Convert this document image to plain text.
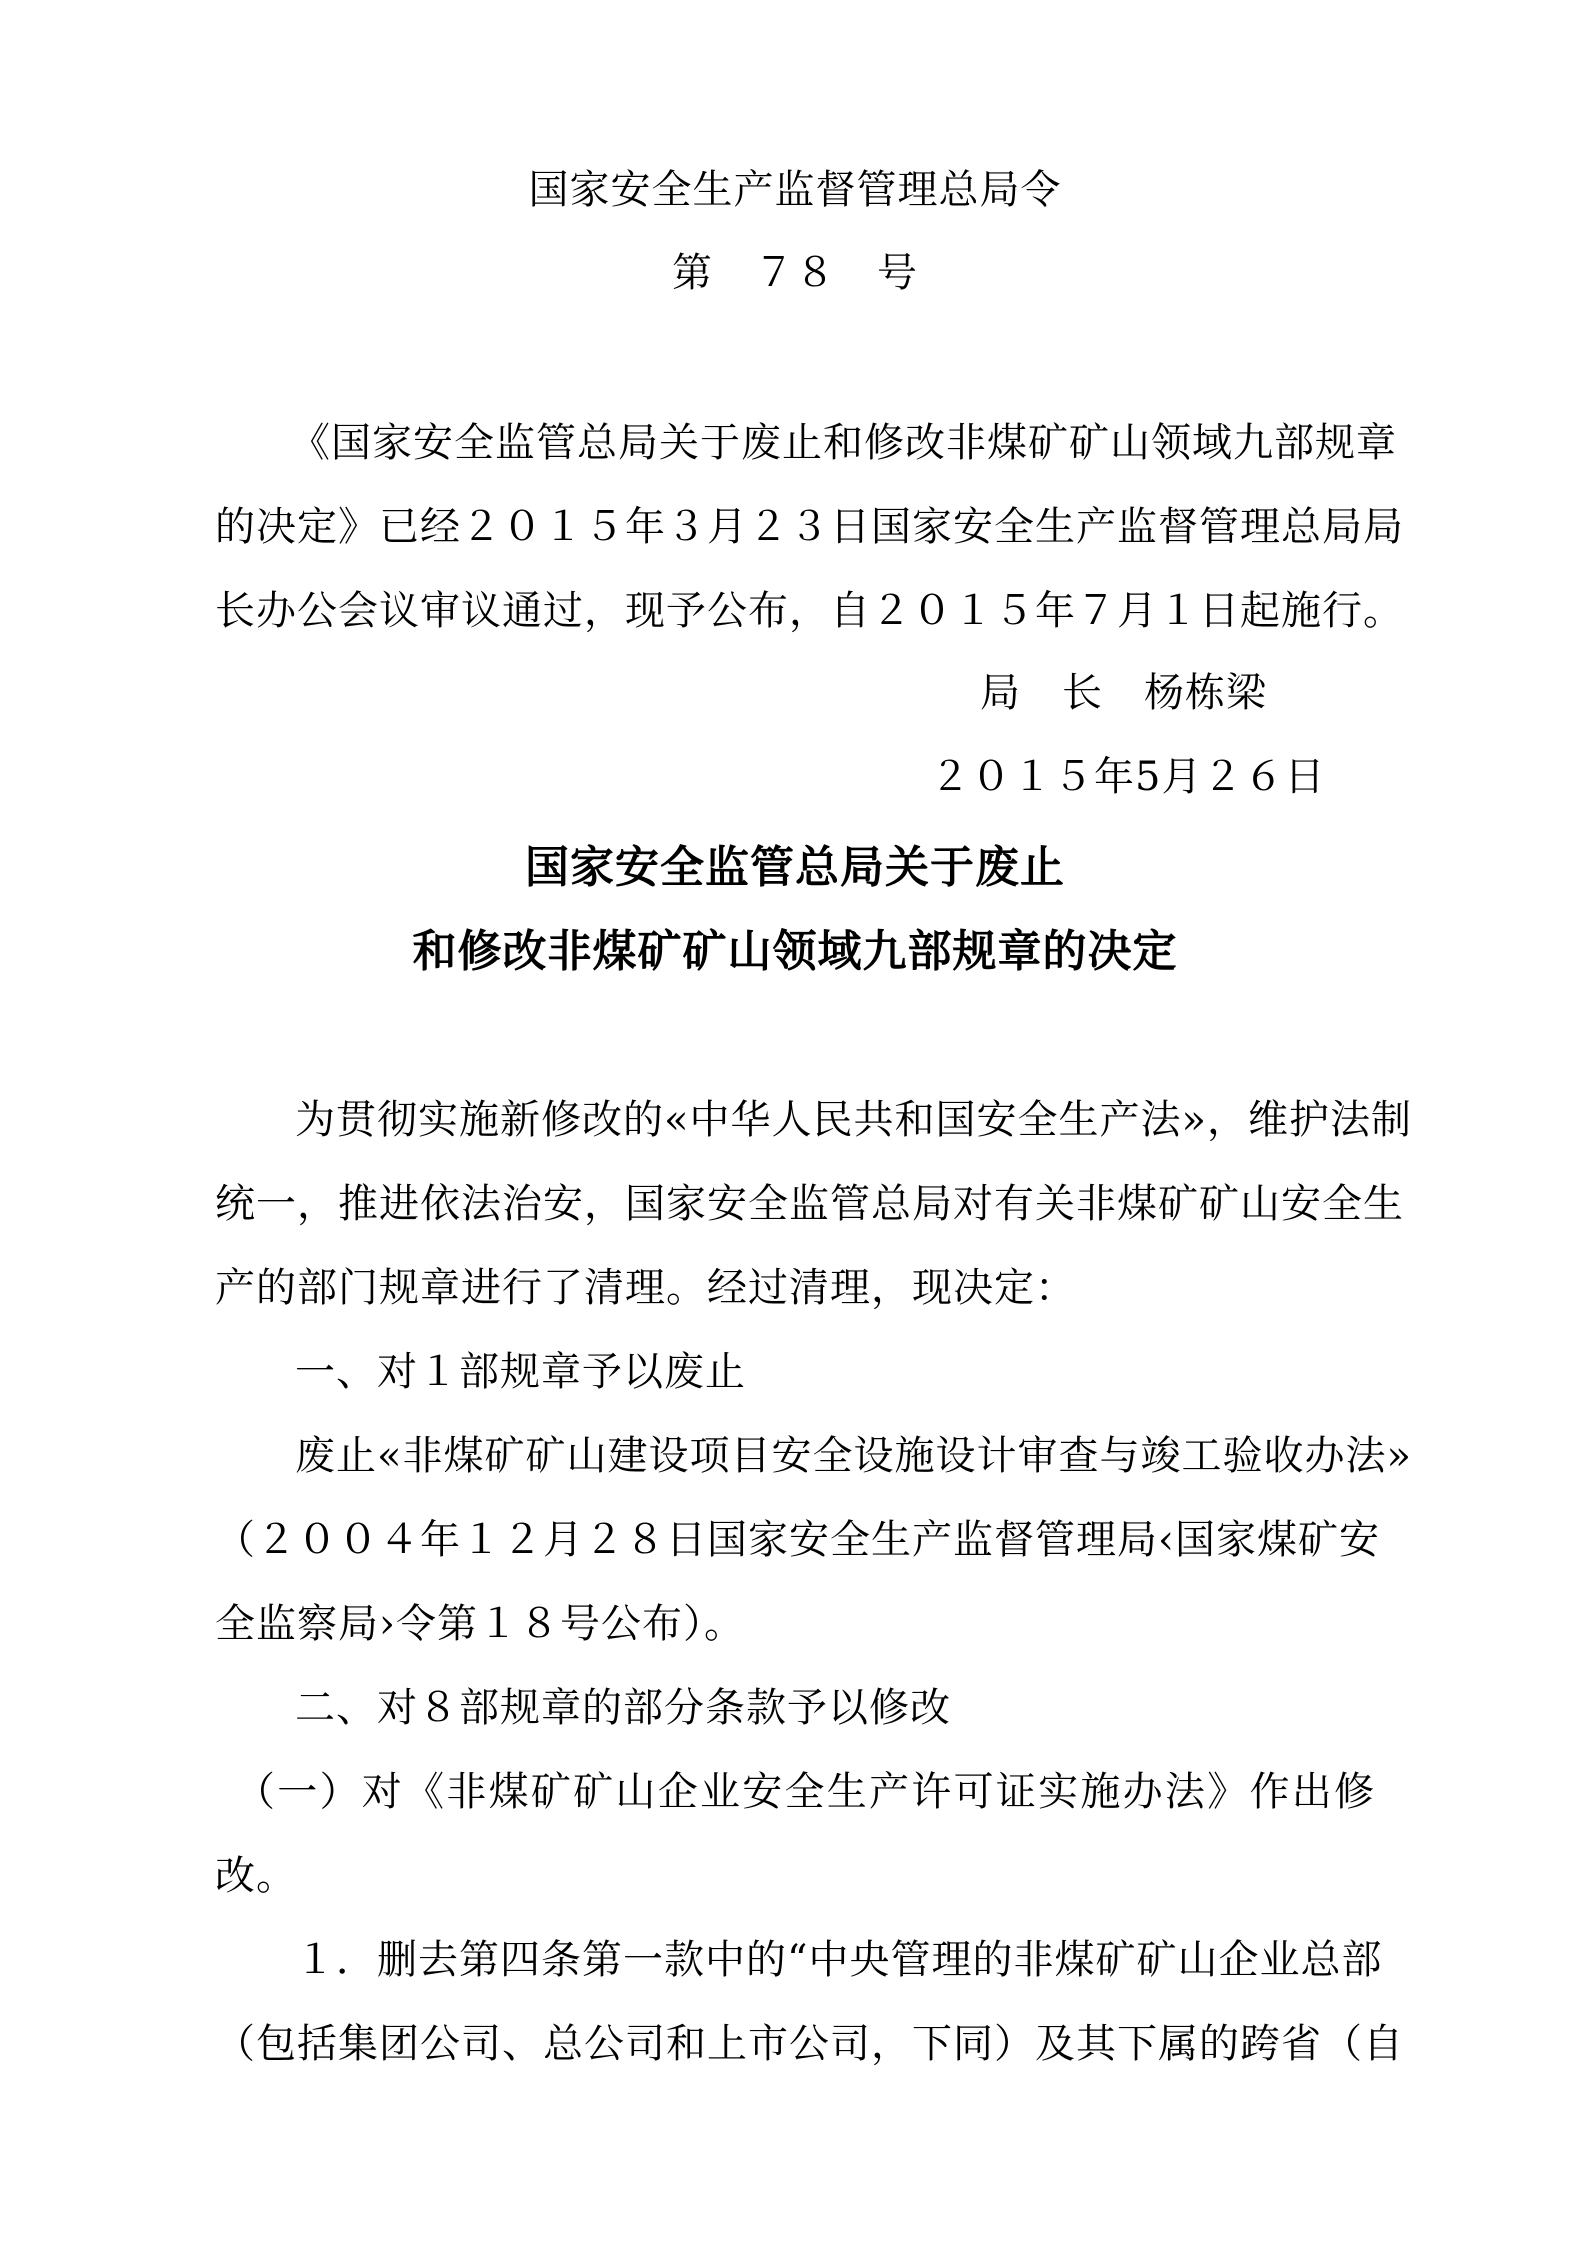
国家安全生产监督管理总局令
第　７８　号
《国家安全监管总局关于废止和修改非煤矿矿山领域九部规章
的决定》已经２０１５年３月２３日国家安全生产监督管理总局局
长办公会议审议通过，现予公布，自２０１５年７月１日起施行。
局　长　杨栋梁
２０１５年5月２６日
国家安全监管总局关于废止
和修改非煤矿矿山领域九部规章的决定
为贯彻实施新修改的«中华人民共和国安全生产法»，维护法制
统一，推进依法治安，国家安全监管总局对有关非煤矿矿山安全生
产的部门规章进行了清理。经过清理，现决定：
一、对１部规章予以废止
废止«非煤矿矿山建设项目安全设施设计审查与竣工验收办法»
（２００４年１２月２８日国家安全生产监督管理局‹国家煤矿安
全监察局›令第１８号公布）。
二、对８部规章的部分条款予以修改
（一）对《非煤矿矿山企业安全生产许可证实施办法》作出修
改。
１．删去第四条第一款中的“中央管理的非煤矿矿山企业总部
（包括集团公司、总公司和上市公司，下同）及其下属的跨省（自
